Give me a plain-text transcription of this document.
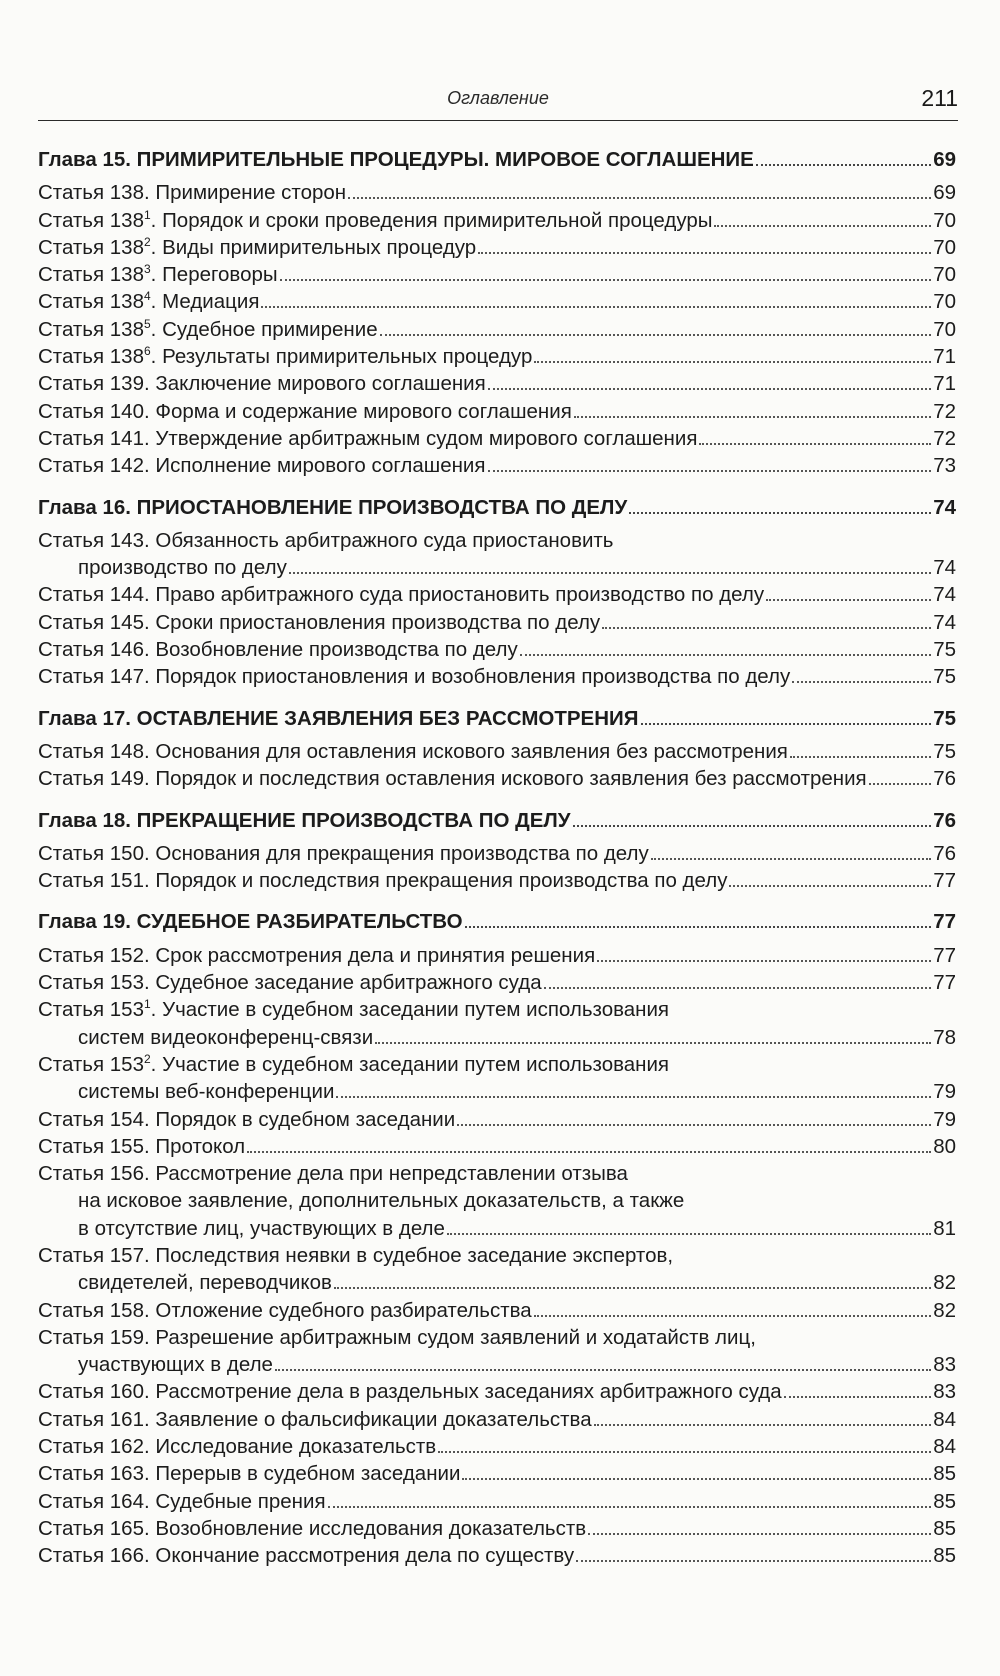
Оглавление	211
Глава 15. ПРИМИРИТЕЛЬНЫЕ ПРОЦЕДУРЫ. МИРОВОЕ СОГЛАШЕНИЕ	69
Статья 138. Примирение сторон	69
Статья $138^1$. Порядок и сроки проведения примирительной процедуры	70
Статья $138^2$. Виды примирительных процедур	70
Статья $138^3$. Переговоры	70
Статья $138^4$. Медиация	70
Статья $138^5$. Судебное примирение	70
Статья $138^6$. Результаты примирительных процедур	71
Статья 139. Заключение мирового соглашения	71
Статья 140. Форма и содержание мирового соглашения	72
Статья 141. Утверждение арбитражным судом мирового соглашения	72
Статья 142. Исполнение мирового соглашения	73
Глава 16. ПРИОСТАНОВЛЕНИЕ ПРОИЗВОДСТВА ПО ДЕЛУ	74
Статья 143. Обязанность арбитражного суда приостановить
производство по делу	74
Статья 144. Право арбитражного суда приостановить производство по делу	74
Статья 145. Сроки приостановления производства по делу	74
Статья 146. Возобновление производства по делу	75
Статья 147. Порядок приостановления и возобновления производства по делу	75
Глава 17. ОСТАВЛЕНИЕ ЗАЯВЛЕНИЯ БЕЗ РАССМОТРЕНИЯ	75
Статья 148. Основания для оставления искового заявления без рассмотрения	75
Статья 149. Порядок и последствия оставления искового заявления без рассмотрения	76
Глава 18. ПРЕКРАЩЕНИЕ ПРОИЗВОДСТВА ПО ДЕЛУ	76
Статья 150. Основания для прекращения производства по делу	76
Статья 151. Порядок и последствия прекращения производства по делу	77
Глава 19. СУДЕБНОЕ РАЗБИРАТЕЛЬСТВО	77
Статья 152. Срок рассмотрения дела и принятия решения	77
Статья 153. Судебное заседание арбитражного суда	77
Статья $153^1$. Участие в судебном заседании путем использования
систем видеоконференц-связи	78
Статья $153^2$. Участие в судебном заседании путем использования
системы веб-конференции	79
Статья 154. Порядок в судебном заседании	79
Статья 155. Протокол	80
Статья 156. Рассмотрение дела при непредставлении отзыва
на исковое заявление, дополнительных доказательств, а также
в отсутствие лиц, участвующих в деле	81
Статья 157. Последствия неявки в судебное заседание экспертов,
свидетелей, переводчиков	82
Статья 158. Отложение судебного разбирательства	82
Статья 159. Разрешение арбитражным судом заявлений и ходатайств лиц,
участвующих в деле	83
Статья 160. Рассмотрение дела в раздельных заседаниях арбитражного суда	83
Статья 161. Заявление о фальсификации доказательства	84
Статья 162. Исследование доказательств	84
Статья 163. Перерыв в судебном заседании	85
Статья 164. Судебные прения	85
Статья 165. Возобновление исследования доказательств	85
Статья 166. Окончание рассмотрения дела по существу	85
